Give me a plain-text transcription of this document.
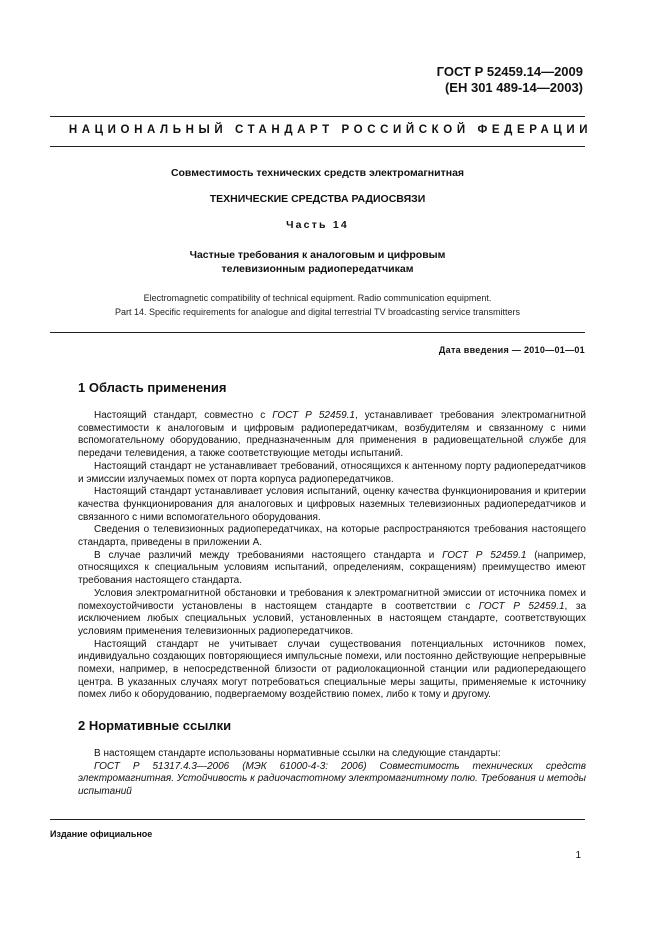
ГОСТ Р 52459.14—2009
(ЕН 301 489-14—2003)
НАЦИОНАЛЬНЫЙ СТАНДАРТ РОССИЙСКОЙ ФЕДЕРАЦИИ
Совместимость технических средств электромагнитная
ТЕХНИЧЕСКИЕ СРЕДСТВА РАДИОСВЯЗИ
Часть 14
Частные требования к аналоговым и цифровым
телевизионным радиопередатчикам
Electromagnetic compatibility of technical equipment. Radio communication equipment.
Part 14. Specific requirements for analogue and digital terrestrial TV broadcasting service transmitters
Дата введения — 2010—01—01
1 Область применения

Настоящий стандарт, совместно с ГОСТ Р 52459.1, устанавливает требования электромагнитной совместимости к аналоговым и цифровым радиопередатчикам, возбудителям и связанному с ними вспомогательному оборудованию, предназначенным для применения в радиовещательной службе для передачи телевидения, а также соответствующие методы испытаний.

Настоящий стандарт не устанавливает требований, относящихся к антенному порту радиопередатчиков и эмиссии излучаемых помех от порта корпуса радиопередатчиков.

Настоящий стандарт устанавливает условия испытаний, оценку качества функционирования и критерии качества функционирования для аналоговых и цифровых наземных телевизионных радиопередатчиков и связанного с ними вспомогательного оборудования.

Сведения о телевизионных радиопередатчиках, на которые распространяются требования настоящего стандарта, приведены в приложении А.

В случае различий между требованиями настоящего стандарта и ГОСТ Р 52459.1 (например, относящихся к специальным условиям испытаний, определениям, сокращениям) преимущество имеют требования настоящего стандарта.

Условия электромагнитной обстановки и требования к электромагнитной эмиссии от источника помех и помехоустойчивости установлены в настоящем стандарте в соответствии с ГОСТ Р 52459.1, за исключением любых специальных условий, установленных в настоящем стандарте, соответствующих условиям применения телевизионных радиопередатчиков.

Настоящий стандарт не учитывает случаи существования потенциальных источников помех, индивидуально создающих повторяющиеся импульсные помехи, или постоянно действующие непрерывные помехи, например, в непосредственной близости от радиолокационной станции или радиопередающего центра. В указанных случаях могут потребоваться специальные меры защиты, применяемые к источнику помех либо к оборудованию, подвергаемому воздействию помех, либо к тому и другому.

2 Нормативные ссылки

В настоящем стандарте использованы нормативные ссылки на следующие стандарты:

ГОСТ Р 51317.4.3—2006 (МЭК 61000-4-3: 2006) Совместимость технических средств электромагнитная. Устойчивость к радиочастотному электромагнитному полю. Требования и методы испытаний

Издание официальное
1
